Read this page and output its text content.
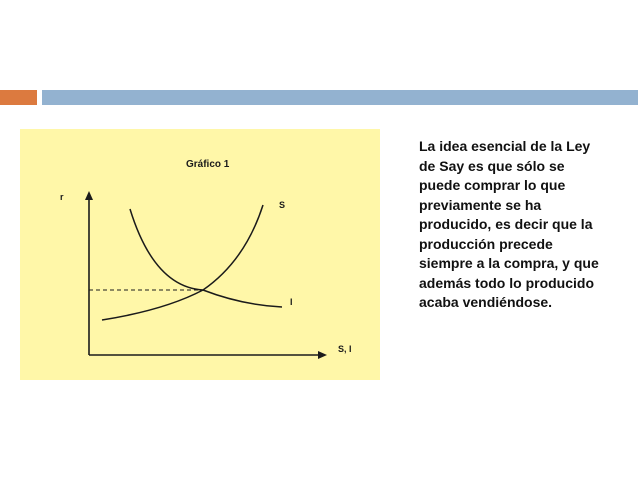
Gráfico 1
r
S, I
S
I

La idea esencial de la Ley de Say es que sólo se puede comprar lo que previamente se ha producido, es decir que la producción precede siempre a la compra, y que además todo lo producido acaba vendiéndose.
